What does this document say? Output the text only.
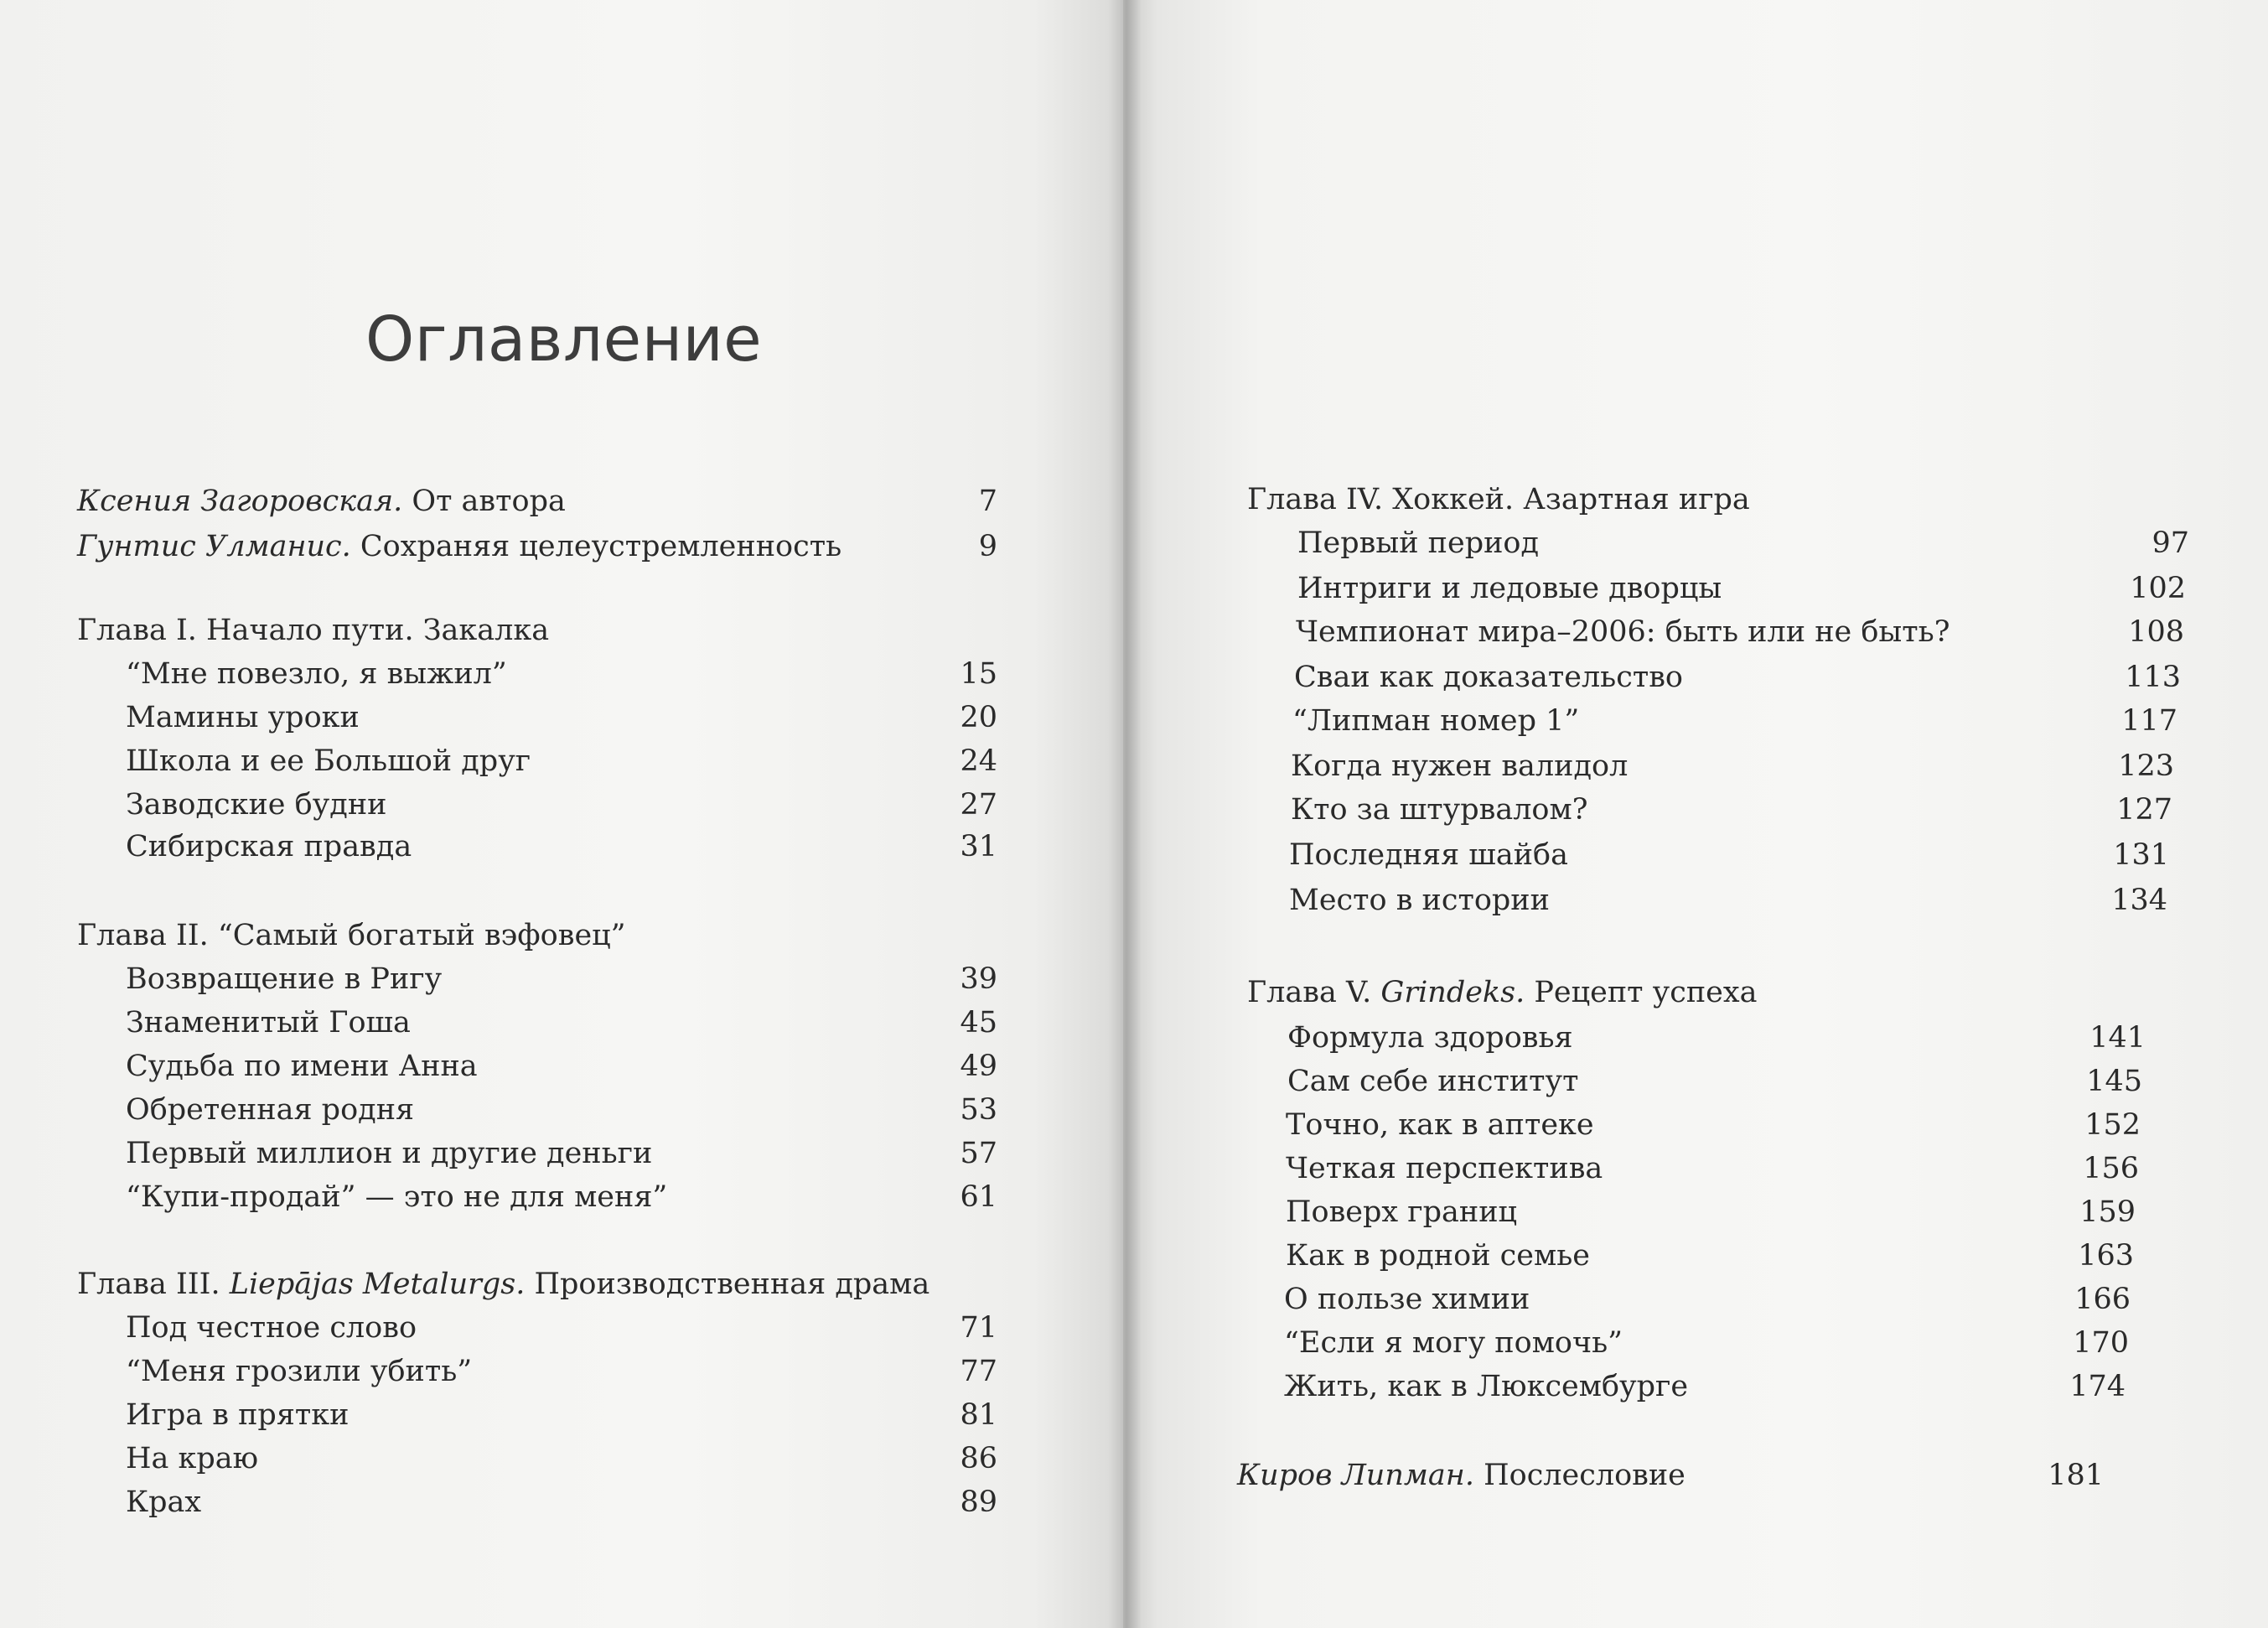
Оглавление
Ксения Загоровская. От автора	7
Гунтис Улманис. Сохраняя целеустремленность	9
Глава I. Начало пути. Закалка
“Мне повезло, я выжил”	15
Мамины уроки	20
Школа и ее Большой друг	24
Заводские будни	27
Сибирская правда	31
Глава II. “Самый богатый вэфовец”
Возвращение в Ригу	39
Знаменитый Гоша	45
Судьба по имени Анна	49
Обретенная родня	53
Первый миллион и другие деньги	57
“Купи-продай” — это не для меня”	61
Глава III. Liepājas Metalurgs. Производственная драма
Под честное слово	71
“Меня грозили убить”	77
Игра в прятки	81
На краю	86
Крах	89
Глава IV. Хоккей. Азартная игра
Первый период	97
Интриги и ледовые дворцы	102
Чемпионат мира–2006: быть или не быть?	108
Сваи как доказательство	113
“Липман номер 1”	117
Когда нужен валидол	123
Кто за штурвалом?	127
Последняя шайба	131
Место в истории	134
Глава V. Grindeks. Рецепт успеха
Формула здоровья	141
Сам себе институт	145
Точно, как в аптеке	152
Четкая перспектива	156
Поверх границ	159
Как в родной семье	163
О пользе химии	166
“Если я могу помочь”	170
Жить, как в Люксембурге	174
Киров Липман. Послесловие	181
